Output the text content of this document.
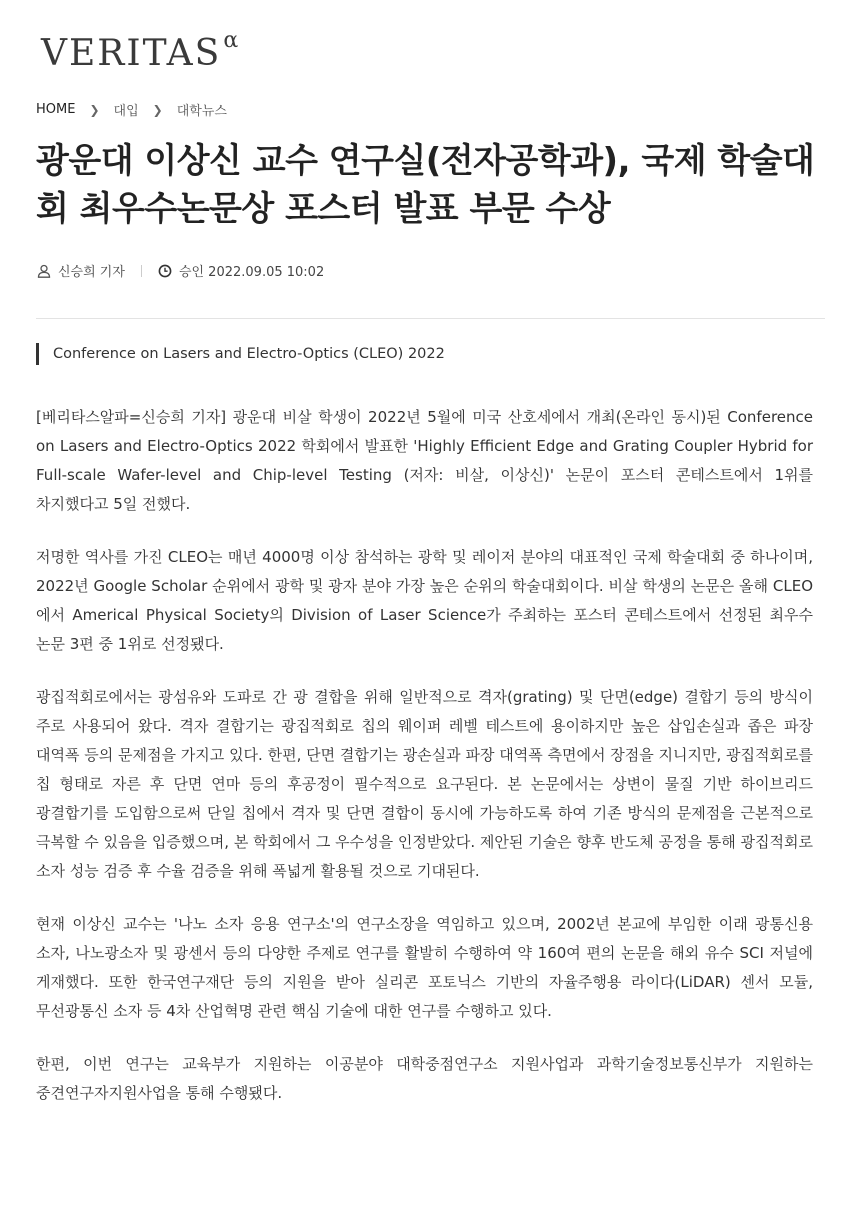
$VERITAS^\alpha$
HOME ❯ 대입 ❯ 대학뉴스
광운대 이상신 교수 연구실(전자공학과), 국제 학술대회 최우수논문상 포스터 발표 부문 수상
신승희 기자	승인 2022.09.05 10:02
Conference on Lasers and Electro-Optics (CLEO) 2022

[베리타스알파=신승희 기자] 광운대 비살 학생이 2022년 5월에 미국 산호세에서 개최(온라인 동시)된 Conference on Lasers and Electro-Optics 2022 학회에서 발표한 'Highly Efficient Edge and Grating Coupler Hybrid for Full-scale Wafer-level and Chip-level Testing (저자: 비살, 이상신)' 논문이 포스터 콘테스트에서 1위를 차지했다고 5일 전했다.

저명한 역사를 가진 CLEO는 매년 4000명 이상 참석하는 광학 및 레이저 분야의 대표적인 국제 학술대회 중 하나이며, 2022년 Google Scholar 순위에서 광학 및 광자 분야 가장 높은 순위의 학술대회이다. 비살 학생의 논문은 올해 CLEO 에서 Americal Physical Society의 Division of Laser Science가 주최하는 포스터 콘테스트에서 선정된 최우수 논문 3편 중 1위로 선정됐다.

광집적회로에서는 광섬유와 도파로 간 광 결합을 위해 일반적으로 격자(grating) 및 단면(edge) 결합기 등의 방식이 주로 사용되어 왔다. 격자 결합기는 광집적회로 칩의 웨이퍼 레벨 테스트에 용이하지만 높은 삽입손실과 좁은 파장 대역폭 등의 문제점을 가지고 있다. 한편, 단면 결합기는 광손실과 파장 대역폭 측면에서 장점을 지니지만, 광집적회로를 칩 형태로 자른 후 단면 연마 등의 후공정이 필수적으로 요구된다. 본 논문에서는 상변이 물질 기반 하이브리드 광결합기를 도입함으로써 단일 칩에서 격자 및 단면 결합이 동시에 가능하도록 하여 기존 방식의 문제점을 근본적으로 극복할 수 있음을 입증했으며, 본 학회에서 그 우수성을 인정받았다. 제안된 기술은 향후 반도체 공정을 통해 광집적회로 소자 성능 검증 후 수율 검증을 위해 폭넓게 활용될 것으로 기대된다.

현재 이상신 교수는 '나노 소자 응용 연구소'의 연구소장을 역임하고 있으며, 2002년 본교에 부임한 이래 광통신용 소자, 나노광소자 및 광센서 등의 다양한 주제로 연구를 활발히 수행하여 약 160여 편의 논문을 해외 유수 SCI 저널에 게재했다. 또한 한국연구재단 등의 지원을 받아 실리콘 포토닉스 기반의 자율주행용 라이다(LiDAR) 센서 모듈, 무선광통신 소자 등 4차 산업혁명 관련 핵심 기술에 대한 연구를 수행하고 있다.

한편, 이번 연구는 교육부가 지원하는 이공분야 대학중점연구소 지원사업과 과학기술정보통신부가 지원하는 중견연구자지원사업을 통해 수행됐다.
